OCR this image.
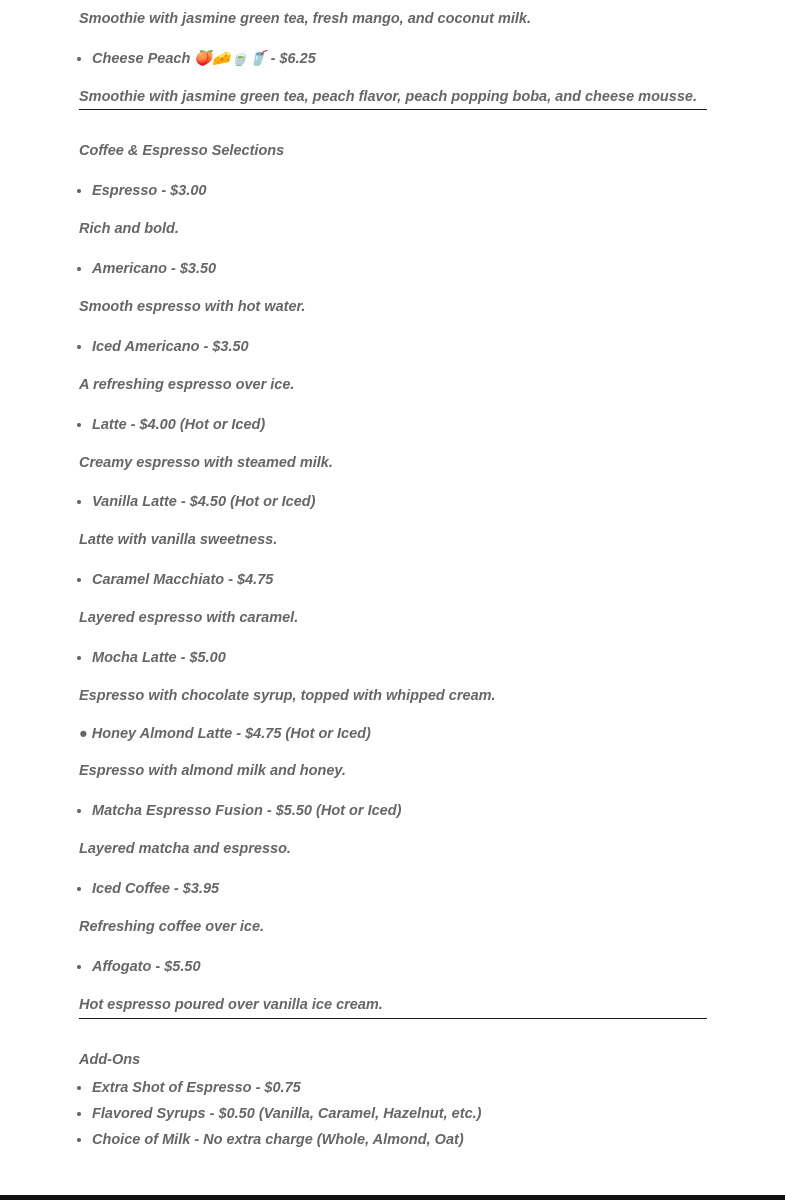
Smoothie with jasmine green tea, fresh mango, and coconut milk.

• Cheese Peach 🍑🧀🍵🥤 - $6.25

Smoothie with jasmine green tea, peach flavor, peach popping boba, and cheese mousse.

Coffee & Espresso Selections

• Espresso - $3.00

Rich and bold.

• Americano - $3.50

Smooth espresso with hot water.

• Iced Americano - $3.50

A refreshing espresso over ice.

• Latte - $4.00 (Hot or Iced)

Creamy espresso with steamed milk.

• Vanilla Latte - $4.50 (Hot or Iced)

Latte with vanilla sweetness.

• Caramel Macchiato - $4.75

Layered espresso with caramel.

• Mocha Latte - $5.00

Espresso with chocolate syrup, topped with whipped cream.

● Honey Almond Latte - $4.75 (Hot or Iced)

Espresso with almond milk and honey.

• Matcha Espresso Fusion - $5.50 (Hot or Iced)

Layered matcha and espresso.

• Iced Coffee - $3.95

Refreshing coffee over ice.

• Affogato - $5.50

Hot espresso poured over vanilla ice cream.

Add-Ons

• Extra Shot of Espresso - $0.75
• Flavored Syrups - $0.50 (Vanilla, Caramel, Hazelnut, etc.)
• Choice of Milk - No extra charge (Whole, Almond, Oat)
